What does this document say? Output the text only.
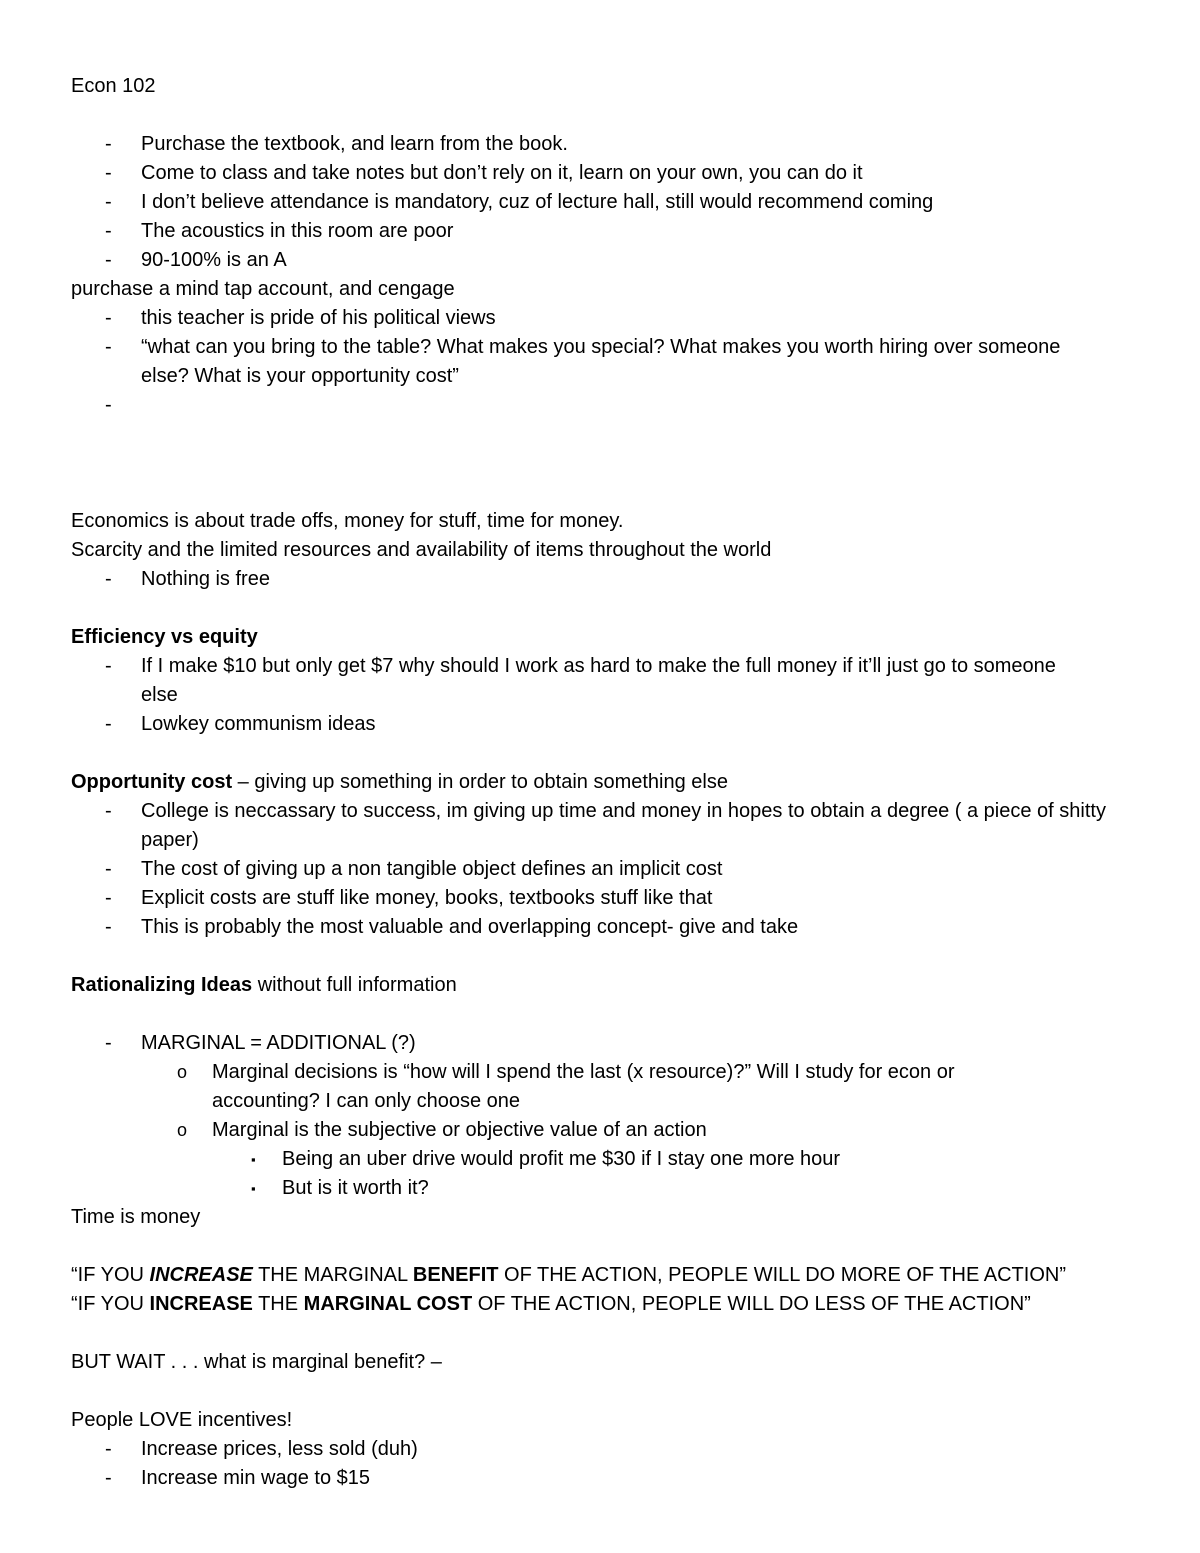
Econ 102
- Purchase the textbook, and learn from the book.
- Come to class and take notes but don’t rely on it, learn on your own, you can do it
- I don’t believe attendance is mandatory, cuz of lecture hall, still would recommend coming
- The acoustics in this room are poor
- 90-100% is an A
purchase a mind tap account, and cengage
- this teacher is pride of his political views
- “what can you bring to the table? What makes you special? What makes you worth hiring over someone else? What is your opportunity cost”
-

Economics is about trade offs, money for stuff, time for money.
Scarcity and the limited resources and availability of items throughout the world
- Nothing is free
Efficiency vs equity
- If I make $10 but only get $7 why should I work as hard to make the full money if it’ll just go to someone else
- Lowkey communism ideas
Opportunity cost – giving up something in order to obtain something else
- College is neccassary to success, im giving up time and money in hopes to obtain a degree ( a piece of shitty paper)
- The cost of giving up a non tangible object defines an implicit cost
- Explicit costs are stuff like money, books, textbooks stuff like that
- This is probably the most valuable and overlapping concept- give and take
Rationalizing Ideas without full information
- MARGINAL = ADDITIONAL (?)
o Marginal decisions is “how will I spend the last (x resource)?” Will I study for econ or accounting? I can only choose one
o Marginal is the subjective or objective value of an action
▪ Being an uber drive would profit me $30 if I stay one more hour
▪ But is it worth it?
Time is money
“IF YOU INCREASE THE MARGINAL BENEFIT OF THE ACTION, PEOPLE WILL DO MORE OF THE ACTION”
“IF YOU INCREASE THE MARGINAL COST OF THE ACTION, PEOPLE WILL DO LESS OF THE ACTION”
BUT WAIT . . . what is marginal benefit? –
People LOVE incentives!
- Increase prices, less sold (duh)
- Increase min wage to $15
